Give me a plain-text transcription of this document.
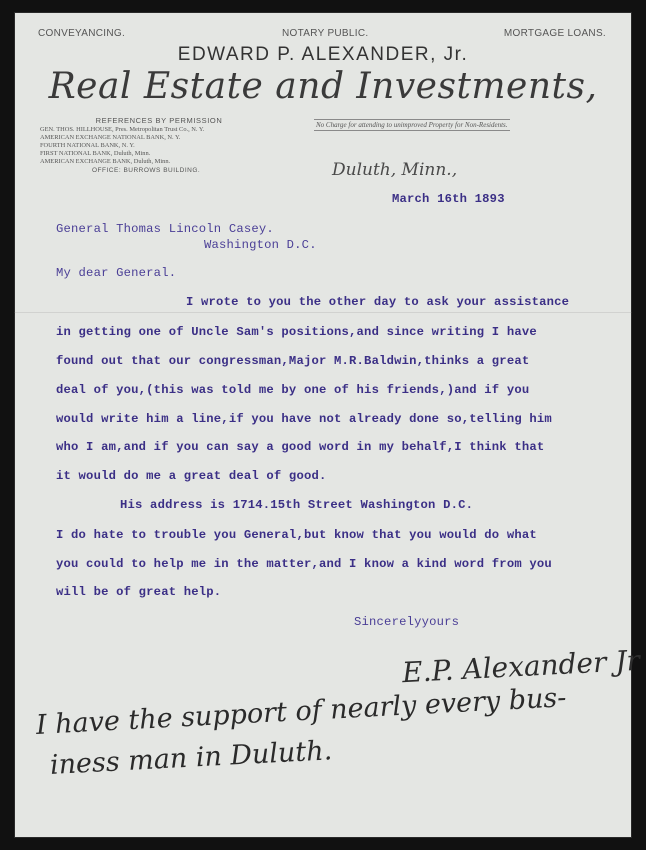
CONVEYANCING.	NOTARY PUBLIC.	MORTGAGE LOANS.
EDWARD P. ALEXANDER, Jr.
Real Estate and Investments,
REFERENCES BY PERMISSION
GEN. THOS. HILLHOUSE, Pres. Metropolitan Trust Co., N. Y.
AMERICAN EXCHANGE NATIONAL BANK, N. Y.
FOURTH NATIONAL BANK, N. Y.
FIRST NATIONAL BANK, Duluth, Minn.
AMERICAN EXCHANGE BANK, Duluth, Minn.
OFFICE: BURROWS BUILDING.
No Charge for attending to unimproved Property for Non-Residents.
Duluth, Minn.,
March 16th 1893
General Thomas Lincoln Casey.
Washington D.C.
My dear General.
I wrote to you the other day to ask your assistance
in getting one of Uncle Sam's positions,and since writing I have
found out that our congressman,Major M.R.Baldwin,thinks a great
deal of you,(this was told me by one of his friends,)and if you
would write him a line,if you have not already done so,telling him
who I am,and if you can say a good word in my behalf,I think that
it would do me a great deal of good.
His address is 1714.15th Street Washington D.C.
I do hate to trouble you General,but know that you would do what
you could to help me in the matter,and I know a kind word from you
will be of great help.
Sincerelyyours
E.P. Alexander Jr
I have the support of nearly every bus-
iness man in Duluth.
